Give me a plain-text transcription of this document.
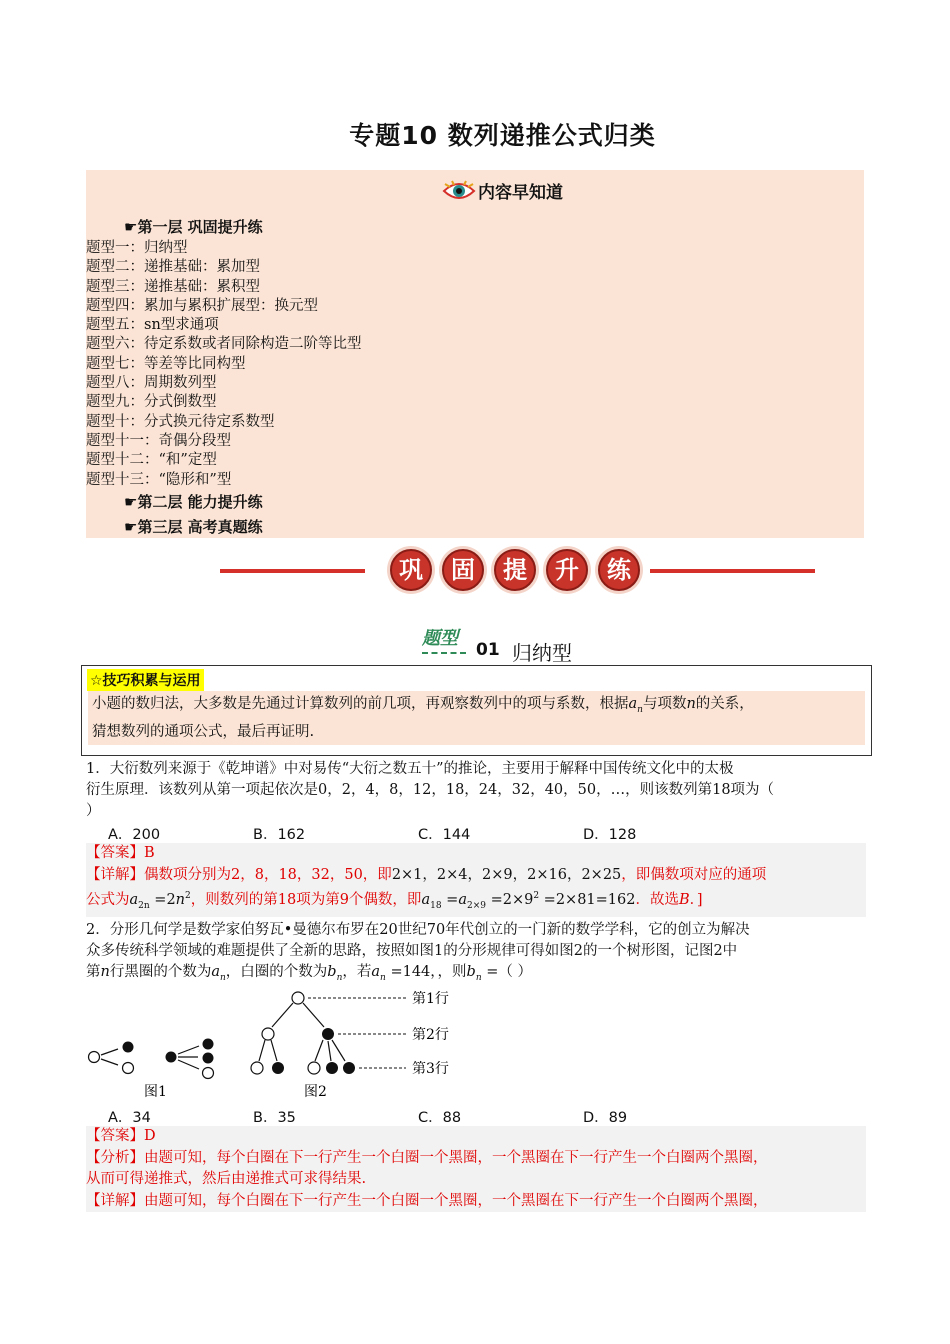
专题10 数列递推公式归类
内容早知道
☛第一层 巩固提升练
题型一：归纳型
题型二：递推基础：累加型
题型三：递推基础：累积型
题型四：累加与累积扩展型：换元型
题型五：sn型求通项
题型六：待定系数或者同除构造二阶等比型
题型七：等差等比同构型
题型八：周期数列型
题型九：分式倒数型
题型十：分式换元待定系数型
题型十一：奇偶分段型
题型十二：“和”定型
题型十三：“隐形和”型
☛第二层 能力提升练
☛第三层 高考真题练
巩	固	提	升	练
题型
01 归纳型
☆技巧积累与运用
小题的数归法，大多数是先通过计算数列的前几项，再观察数列中的项与系数，根据$a_n$与项数n的关系，
猜想数列的通项公式，最后再证明.
1．大衍数列来源于《乾坤谱》中对易传“大衍之数五十”的推论，主要用于解释中国传统文化中的太极
衍生原理．该数列从第一项起依次是0，2，4，8，12，18，24，32，40，50，…，则该数列第18项为（
）
A．200	B．162	C．144	D．128
【答案】B
【详解】偶数项分别为2，8，18，32，50，即2×1，2×4，2×9，2×16，2×25，即偶数项对应的通项
公式为$a_{2n} =2n^2$，则数列的第18项为第9个偶数，即$a_{18} =a_{2\times 9} =2\times 9^2 =2\times 81=162$．故选B．]
2．分形几何学是数学家伯努瓦•曼德尔布罗在20世纪70年代创立的一门新的数学学科，它的创立为解决
众多传统科学领域的难题提供了全新的思路，按照如图1的分形规律可得如图2的一个树形图，记图2中
第n行黑圈的个数为$a_n$，白圈的个数为$b_n$，若$a_n =144$，，则$b_n$ =（ ）
图1
第1行
第2行
第3行
图2
A．34	B．35	C．88	D．89
【答案】D
【分析】由题可知，每个白圈在下一行产生一个白圈一个黑圈，一个黑圈在下一行产生一个白圈两个黑圈，
从而可得递推式，然后由递推式可求得结果.
【详解】由题可知，每个白圈在下一行产生一个白圈一个黑圈，一个黑圈在下一行产生一个白圈两个黑圈，
